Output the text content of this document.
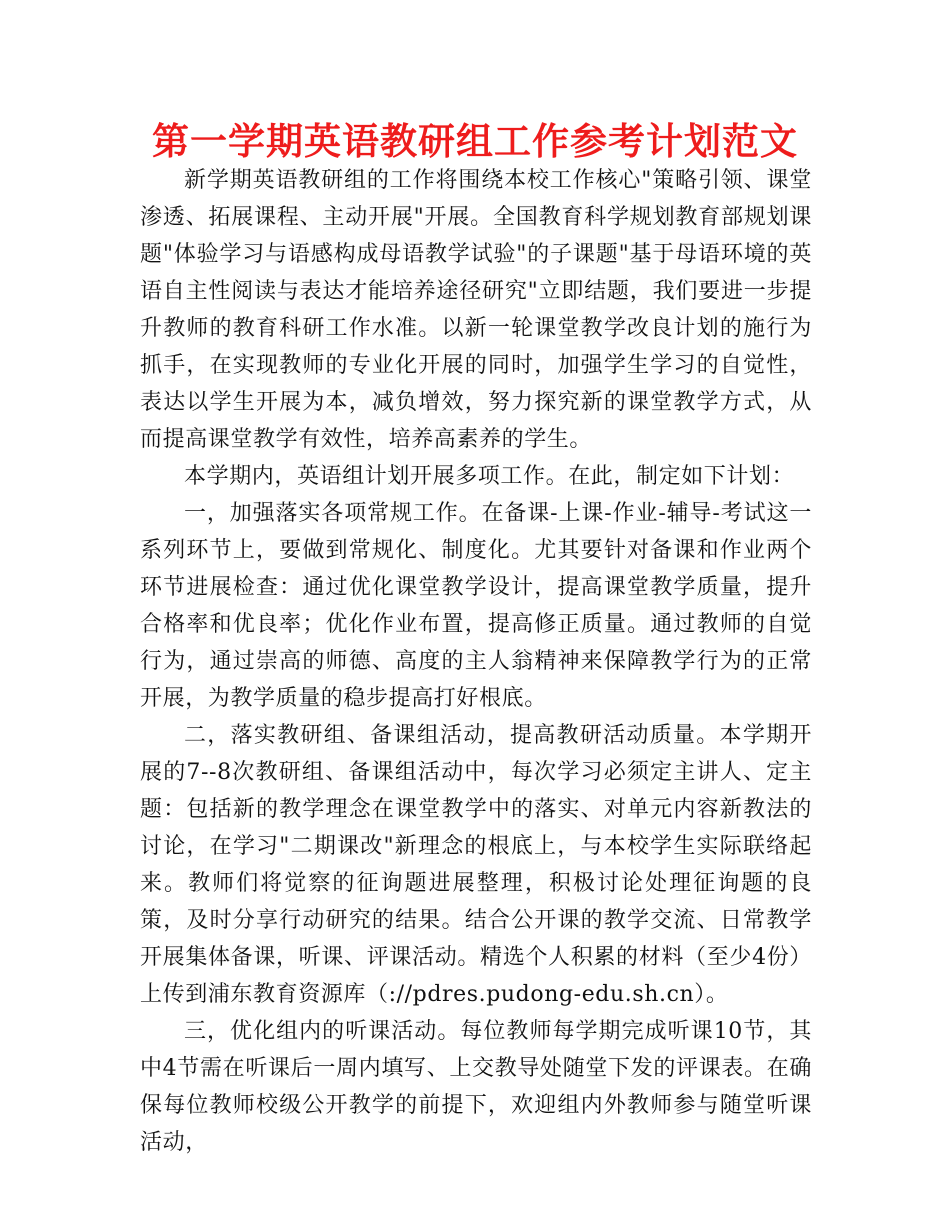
第一学期英语教研组工作参考计划范文

新学期英语教研组的工作将围绕本校工作核心"策略引领、课堂渗透、拓展课程、主动开展"开展。全国教育科学规划教育部规划课题"体验学习与语感构成母语教学试验"的子课题"基于母语环境的英语自主性阅读与表达才能培养途径研究"立即结题，我们要进一步提升教师的教育科研工作水准。以新一轮课堂教学改良计划的施行为抓手，在实现教师的专业化开展的同时，加强学生学习的自觉性，表达以学生开展为本，减负增效，努力探究新的课堂教学方式，从而提高课堂教学有效性，培养高素养的学生。

本学期内，英语组计划开展多项工作。在此，制定如下计划：

一，加强落实各项常规工作。在备课-上课-作业-辅导-考试这一系列环节上，要做到常规化、制度化。尤其要针对备课和作业两个环节进展检查：通过优化课堂教学设计，提高课堂教学质量，提升合格率和优良率；优化作业布置，提高修正质量。通过教师的自觉行为，通过崇高的师德、高度的主人翁精神来保障教学行为的正常开展，为教学质量的稳步提高打好根底。

二，落实教研组、备课组活动，提高教研活动质量。本学期开展的7--8次教研组、备课组活动中，每次学习必须定主讲人、定主题：包括新的教学理念在课堂教学中的落实、对单元内容新教法的讨论，在学习"二期课改"新理念的根底上，与本校学生实际联络起来。教师们将觉察的征询题进展整理，积极讨论处理征询题的良策，及时分享行动研究的结果。结合公开课的教学交流、日常教学开展集体备课，听课、评课活动。精选个人积累的材料（至少4份）上传到浦东教育资源库（://pdres.pudong-edu.sh.cn）。

三，优化组内的听课活动。每位教师每学期完成听课10节，其中4节需在听课后一周内填写、上交教导处随堂下发的评课表。在确保每位教师校级公开教学的前提下，欢迎组内外教师参与随堂听课活动，
